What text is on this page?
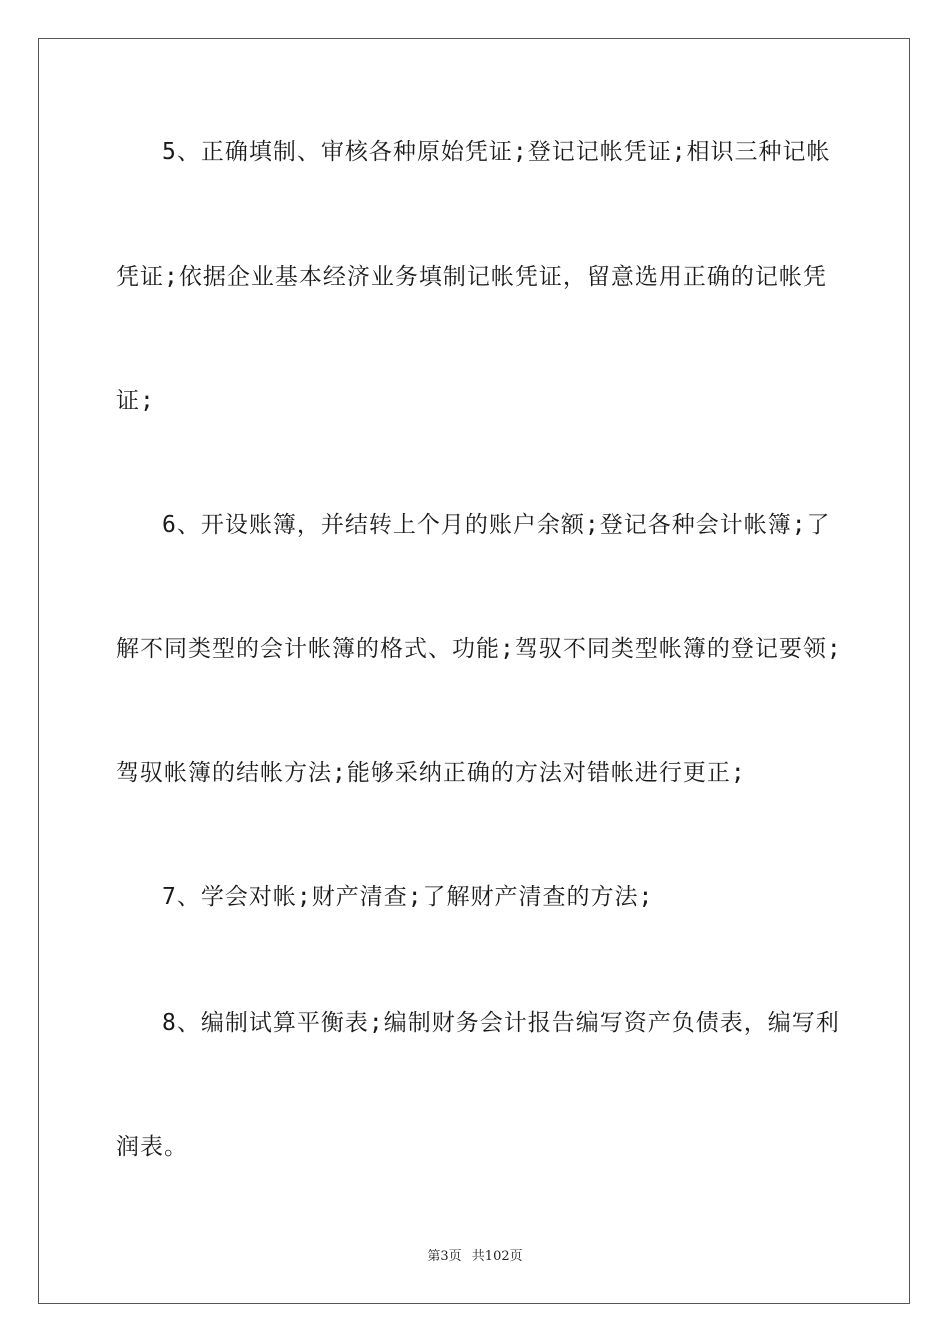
5、正确填制、审核各种原始凭证;登记记帐凭证;相识三种记帐
凭证;依据企业基本经济业务填制记帐凭证，留意选用正确的记帐凭
证;
6、开设账簿，并结转上个月的账户余额;登记各种会计帐簿;了
解不同类型的会计帐簿的格式、功能;驾驭不同类型帐簿的登记要领;
驾驭帐簿的结帐方法;能够采纳正确的方法对错帐进行更正;
7、学会对帐;财产清查;了解财产清查的方法;
8、编制试算平衡表;编制财务会计报告编写资产负债表，编写利
润表。
第3页 共102页
